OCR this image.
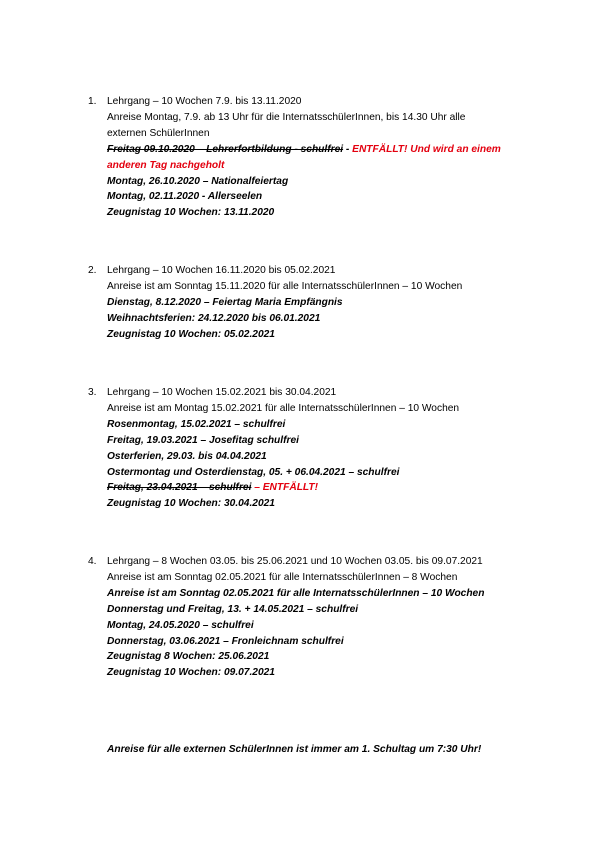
1. Lehrgang – 10 Wochen 7.9. bis 13.11.2020
Anreise Montag, 7.9. ab 13 Uhr für die InternatsschülerInnen, bis 14.30 Uhr alle
externen SchülerInnen
Freitag 09.10.2020 – Lehrerfortbildung - schulfrei - ENTFÄLLT! Und wird an einem
anderen Tag nachgeholt
Montag, 26.10.2020 – Nationalfeiertag
Montag, 02.11.2020 - Allerseelen
Zeugnistag 10 Wochen: 13.11.2020
2. Lehrgang – 10 Wochen 16.11.2020 bis 05.02.2021
Anreise ist am Sonntag 15.11.2020 für alle InternatsschülerInnen – 10 Wochen
Dienstag, 8.12.2020 – Feiertag Maria Empfängnis
Weihnachtsferien: 24.12.2020 bis 06.01.2021
Zeugnistag 10 Wochen: 05.02.2021
3. Lehrgang – 10 Wochen 15.02.2021 bis 30.04.2021
Anreise ist am Montag 15.02.2021 für alle InternatsschülerInnen – 10 Wochen
Rosenmontag, 15.02.2021 – schulfrei
Freitag, 19.03.2021 – Josefitag schulfrei
Osterferien, 29.03. bis 04.04.2021
Ostermontag und Osterdienstag, 05. + 06.04.2021 – schulfrei
Freitag, 23.04.2021 – schulfrei – ENTFÄLLT!
Zeugnistag 10 Wochen: 30.04.2021
4. Lehrgang – 8 Wochen 03.05. bis 25.06.2021 und 10 Wochen 03.05. bis 09.07.2021
Anreise ist am Sonntag 02.05.2021 für alle InternatsschülerInnen – 8 Wochen
Anreise ist am Sonntag 02.05.2021 für alle InternatsschülerInnen – 10 Wochen
Donnerstag und Freitag, 13. + 14.05.2021 – schulfrei
Montag, 24.05.2020 – schulfrei
Donnerstag, 03.06.2021 – Fronleichnam schulfrei
Zeugnistag 8 Wochen: 25.06.2021
Zeugnistag 10 Wochen: 09.07.2021
Anreise für alle externen SchülerInnen ist immer am 1. Schultag um 7:30 Uhr!
